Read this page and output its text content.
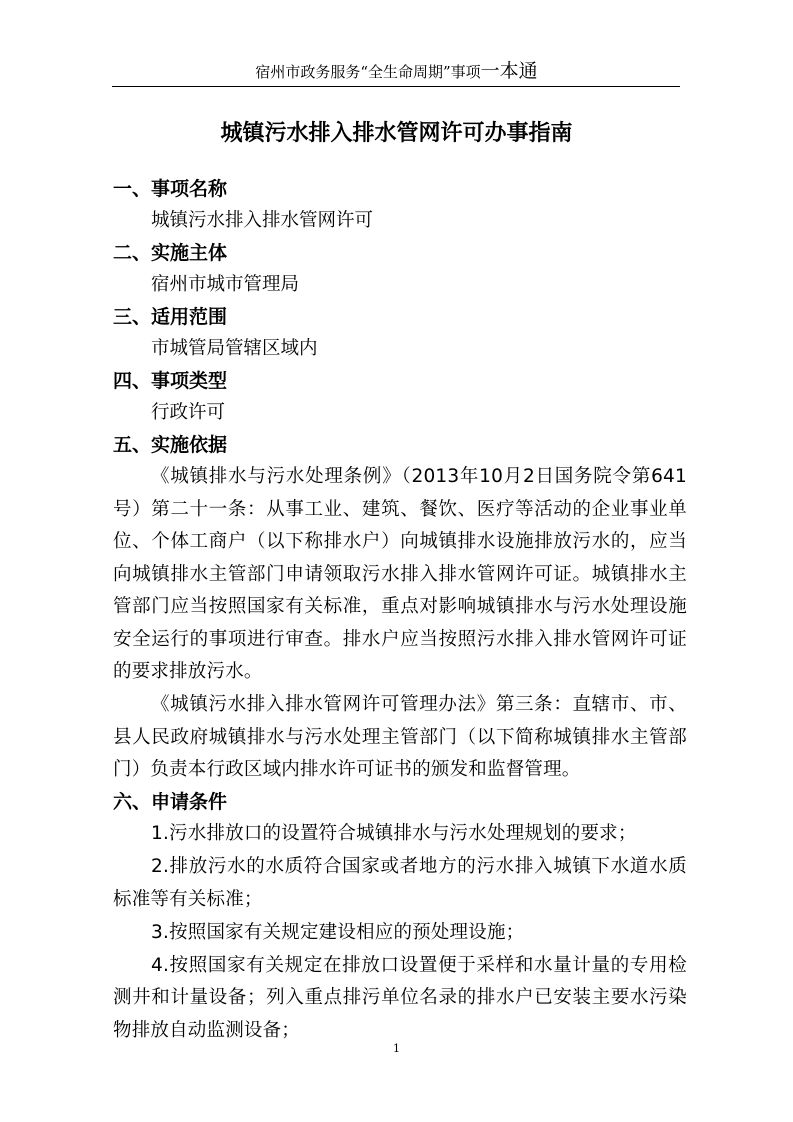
宿州市政务服务“全生命周期”事项一本通
城镇污水排入排水管网许可办事指南

一、事项名称

城镇污水排入排水管网许可

二、实施主体

宿州市城市管理局

三、适用范围

市城管局管辖区域内

四、事项类型

行政许可

五、实施依据

《城镇排水与污水处理条例》（2013年10月2日国务院令第641号）第二十一条：从事工业、建筑、餐饮、医疗等活动的企业事业单位、个体工商户（以下称排水户）向城镇排水设施排放污水的，应当向城镇排水主管部门申请领取污水排入排水管网许可证。城镇排水主管部门应当按照国家有关标准，重点对影响城镇排水与污水处理设施安全运行的事项进行审查。排水户应当按照污水排入排水管网许可证的要求排放污水。

《城镇污水排入排水管网许可管理办法》第三条：直辖市、市、县人民政府城镇排水与污水处理主管部门（以下简称城镇排水主管部门）负责本行政区域内排水许可证书的颁发和监督管理。

六、申请条件

1.污水排放口的设置符合城镇排水与污水处理规划的要求；

2.排放污水的水质符合国家或者地方的污水排入城镇下水道水质标准等有关标准；

3.按照国家有关规定建设相应的预处理设施；

4.按照国家有关规定在排放口设置便于采样和水量计量的专用检测井和计量设备；列入重点排污单位名录的排水户已安装主要水污染物排放自动监测设备；

1
